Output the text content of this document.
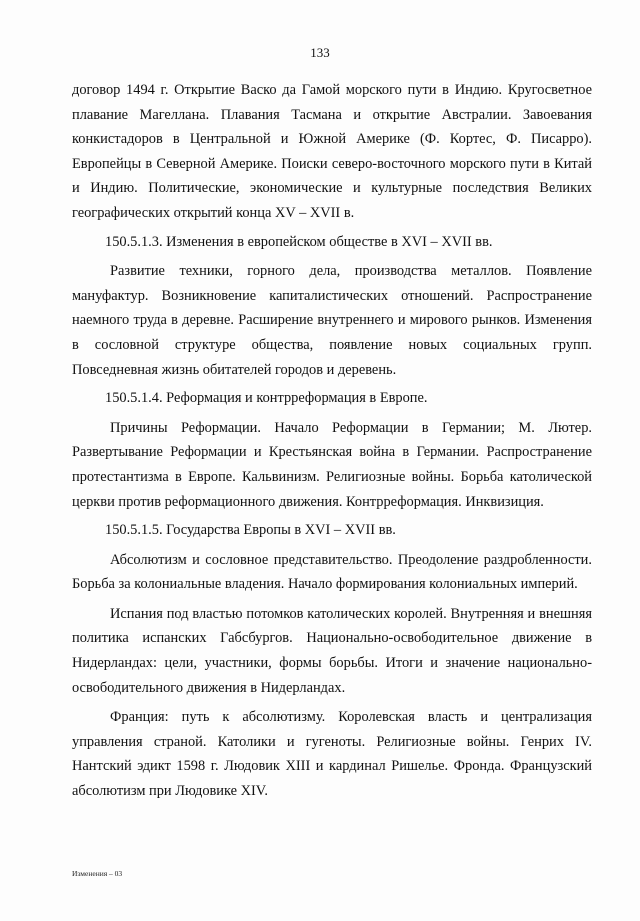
133

договор 1494 г. Открытие Васко да Гамой морского пути в Индию. Кругосветное плавание Магеллана. Плавания Тасмана и открытие Австралии. Завоевания конкистадоров в Центральной и Южной Америке (Ф. Кортес, Ф. Писарро). Европейцы в Северной Америке. Поиски северо-восточного морского пути в Китай и Индию. Политические, экономические и культурные последствия Великих географических открытий конца XV – XVII в.

150.5.1.3. Изменения в европейском обществе в XVI – XVII вв.

Развитие техники, горного дела, производства металлов. Появление мануфактур. Возникновение капиталистических отношений. Распространение наемного труда в деревне. Расширение внутреннего и мирового рынков. Изменения в сословной структуре общества, появление новых социальных групп. Повседневная жизнь обитателей городов и деревень.

150.5.1.4. Реформация и контрреформация в Европе.

Причины Реформации. Начало Реформации в Германии; М. Лютер. Развертывание Реформации и Крестьянская война в Германии. Распространение протестантизма в Европе. Кальвинизм. Религиозные войны. Борьба католической церкви против реформационного движения. Контрреформация. Инквизиция.

150.5.1.5. Государства Европы в XVI – XVII вв.

Абсолютизм и сословное представительство. Преодоление раздробленности. Борьба за колониальные владения. Начало формирования колониальных империй.

Испания под властью потомков католических королей. Внутренняя и внешняя политика испанских Габсбургов. Национально-освободительное движение в Нидерландах: цели, участники, формы борьбы. Итоги и значение национально-освободительного движения в Нидерландах.

Франция: путь к абсолютизму. Королевская власть и централизация управления страной. Католики и гугеноты. Религиозные войны. Генрих IV. Нантский эдикт 1598 г. Людовик XIII и кардинал Ришелье. Фронда. Французский абсолютизм при Людовике XIV.

Изменения – 03
